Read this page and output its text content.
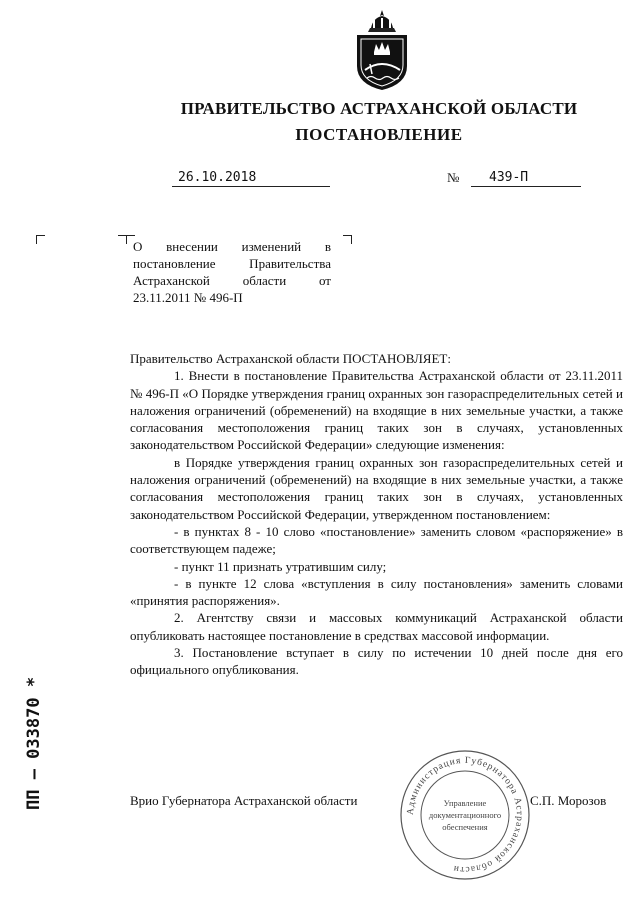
ПРАВИТЕЛЬСТВО АСТРАХАНСКОЙ ОБЛАСТИ
ПОСТАНОВЛЕНИЕ
26.10.2018	№	439-П
О внесении изменений в постановление Правительства Астраханской области от 23.11.2011 № 496-П

Правительство Астраханской области ПОСТАНОВЛЯЕТ:

1. Внести в постановление Правительства Астраханской области от 23.11.2011 № 496-П «О Порядке утверждения границ охранных зон газораспределительных сетей и наложения ограничений (обременений) на входящие в них земельные участки, а также согласования местоположения границ таких зон в случаях, установленных законодательством Российской Федерации» следующие изменения:

в Порядке утверждения границ охранных зон газораспределительных сетей и наложения ограничений (обременений) на входящие в них земельные участки, а также согласования местоположения границ таких зон в случаях, установленных законодательством Российской Федерации, утвержденном постановлением:

- в пунктах 8 - 10 слово «постановление» заменить словом «распоряжение» в соответствующем падеже;

- пункт 11 признать утратившим силу;

- в пункте 12 слова «вступления в силу постановления» заменить словами «принятия распоряжения».

2. Агентству связи и массовых коммуникаций Астраханской области опубликовать настоящее постановление в средствах массовой информации.

3. Постановление вступает в силу по истечении 10 дней после дня его официального опубликования.

Администрация Губернатора Астраханской области
Управление
документационного
обеспечения
Врио Губернатора Астраханской области	С.П. Морозов
ПП – 033870 *
